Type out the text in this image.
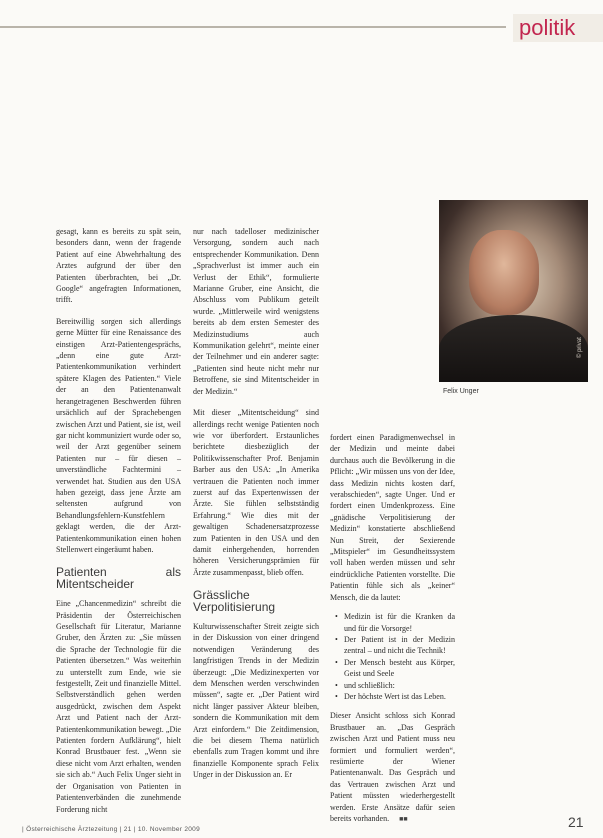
politik
© privat
Felix Unger

gesagt, kann es bereits zu spät sein, besonders dann, wenn der fragende Patient auf eine Abwehrhaltung des Arztes aufgrund der über den Patienten überbrachten, bei „Dr. Google“ angefragten Informationen, trifft.

Bereitwillig sorgen sich allerdings gerne Mütter für eine Renaissance des einstigen Arzt-Patientengesprächs, „denn eine gute Arzt-Patientenkommunikation verhindert spätere Klagen des Patienten.“ Viele der an den Patientenanwalt herangetragenen Beschwerden führen ursächlich auf der Sprachebengen zwischen Arzt und Patient, sie ist, weil gar nicht kommuniziert wurde oder so, weil der Arzt gegenüber seinem Patienten nur – für diesen – unverständliche Fachtermini – verwendet hat. Studien aus den USA haben gezeigt, dass jene Ärzte am seltensten aufgrund von Behandlungsfehlern-Kunstfehlern geklagt werden, die der Arzt-Patientenkommunikation einen hohen Stellenwert eingeräumt haben.

Patienten als Mitentscheider

Eine „Chancenmedizin“ schreibt die Präsidentin der Österreichischen Gesellschaft für Literatur, Marianne Gruber, den Ärzten zu: „Sie müssen die Sprache der Technologie für die Patienten übersetzen.“ Was weiterhin zu unterstellt zum Ende, wie sie festgestellt, Zeit und finanzielle Mittel. Selbstverständlich gehen werden ausgedrückt, zwischen dem Aspekt Arzt und Patient nach der Arzt-Patientenkommunikation bewegt. „Die Patienten fordern Aufklärung“, hielt Konrad Brustbauer fest. „Wenn sie diese nicht vom Arzt erhalten, wenden sie sich ab.“ Auch Felix Unger sieht in der Organisation von Patienten in Patientenverbänden die zunehmende Forderung nicht

nur nach tadelloser medizinischer Versorgung, sondern auch nach entsprechender Kommunikation. Denn „Sprachverlust ist immer auch ein Verlust der Ethik“, formulierte Marianne Gruber, eine Ansicht, die Abschluss vom Publikum geteilt wurde. „Mittlerweile wird wenigstens bereits ab dem ersten Semester des Medizinstudiums auch Kommunikation gelehrt“, meinte einer der Teilnehmer und ein anderer sagte: „Patienten sind heute nicht mehr nur Betroffene, sie sind Mitentscheider in der Medizin.“

Mit dieser „Mitentscheidung“ sind allerdings recht wenige Patienten noch wie vor überfordert. Erstaunliches berichtete diesbezüglich der Politikwissenschafter Prof. Benjamin Barber aus den USA: „In Amerika vertrauen die Patienten noch immer zuerst auf das Expertenwissen der Ärzte. Sie fühlen selbstständig Erfahrung.“ Wie dies mit der gewaltigen Schadenersatzprozesse zum Patienten in den USA und den damit einhergehenden, horrenden höheren Versicherungsprämien für Ärzte zusammenpasst, blieb offen.

Grässliche Verpolitisierung

Kulturwissenschafter Streit zeigte sich in der Diskussion von einer dringend notwendigen Veränderung des langfristigen Trends in der Medizin überzeugt: „Die Medizinexperten vor dem Menschen werden verschwinden müssen“, sagte er. „Der Patient wird nicht länger passiver Akteur bleiben, sondern die Kommunikation mit dem Arzt einfordern.“ Die Zeitdimension, die bei diesem Thema natürlich ebenfalls zum Tragen kommt und ihre finanzielle Komponente sprach Felix Unger in der Diskussion an. Er

fordert einen Paradigmenwechsel in der Medizin und meinte dabei durchaus auch die Bevölkerung in die Pflicht: „Wir müssen uns von der Idee, dass Medizin nichts kosten darf, verabschieden“, sagte Unger. Und er fordert einen Umdenkprozess. Eine „gnädische Verpolitisierung der Medizin“ konstatierte abschließend Nun Streit, der Sexierende „Mitspieler“ im Gesundheitssystem voll haben werden müssen und sehr eindrückliche Patienten vorstellte. Die Patientin fühle sich als „keiner“ Mensch, die da lautet:

• Medizin ist für die Kranken da und für die Vorsorge!
• Der Patient ist in der Medizin zentral – und nicht die Technik!
• Der Mensch besteht aus Körper, Geist und Seele
• und schließlich:
• Der höchste Wert ist das Leben.

Dieser Ansicht schloss sich Konrad Brustbauer an. „Das Gespräch zwischen Arzt und Patient muss neu formiert und formuliert werden“, resümierte der Wiener Patientenanwalt. Das Gespräch und das Vertrauen zwischen Arzt und Patient müssten wiederhergestellt werden. Erste Ansätze dafür seien bereits vorhanden. ■■

| Österreichische Ärztezeitung | 21 | 10. November 2009	21
